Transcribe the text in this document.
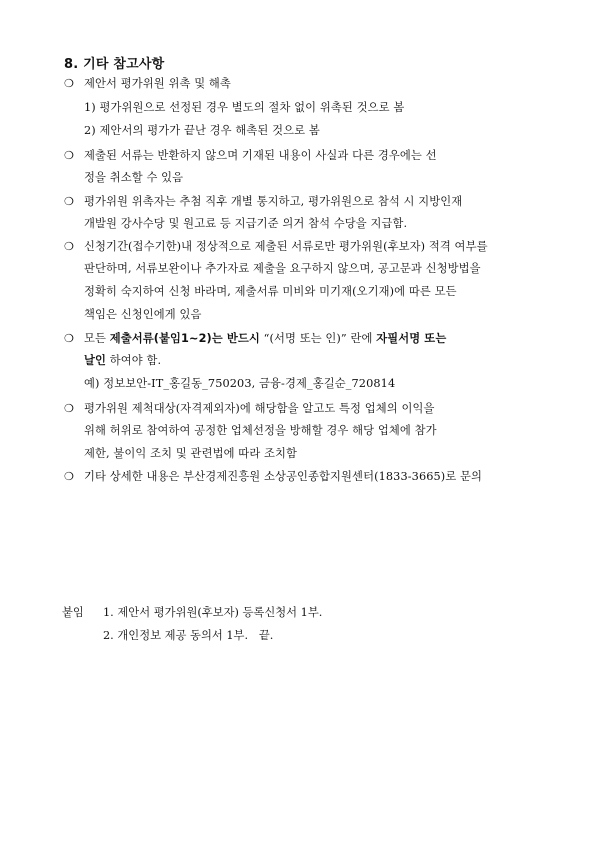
8. 기타 참고사항
❍ 제안서 평가위원 위촉 및 해촉
1) 평가위원으로 선정된 경우 별도의 절차 없이 위촉된 것으로 봄
2) 제안서의 평가가 끝난 경우 해촉된 것으로 봄
❍ 제출된 서류는 반환하지 않으며 기재된 내용이 사실과 다른 경우에는 선
정을 취소할 수 있음
❍ 평가위원 위촉자는 추첨 직후 개별 통지하고, 평가위원으로 참석 시 지방인재
개발원 강사수당 및 원고료 등 지급기준 의거 참석 수당을 지급함.
❍ 신청기간(접수기한)내 정상적으로 제출된 서류로만 평가위원(후보자) 적격 여부를
판단하며, 서류보완이나 추가자료 제출을 요구하지 않으며, 공고문과 신청방법을
정확히 숙지하여 신청 바라며, 제출서류 미비와 미기재(오기재)에 따른 모든
책임은 신청인에게 있음
❍ 모든 제출서류(붙임1~2)는 반드시 “(서명 또는 인)” 란에 자필서명 또는
날인 하여야 함.
예) 정보보안-IT_홍길동_750203, 금융-경제_홍길순_720814
❍ 평가위원 제척대상(자격제외자)에 해당함을 알고도 특정 업체의 이익을
위해 허위로 참여하여 공정한 업체선정을 방해할 경우 해당 업체에 참가
제한, 불이익 조치 및 관련법에 따라 조치함
❍ 기타 상세한 내용은 부산경제진흥원 소상공인종합지원센터(1833-3665)로 문의
붙임 1. 제안서 평가위원(후보자) 등록신청서 1부.
2. 개인정보 제공 동의서 1부. 끝.
